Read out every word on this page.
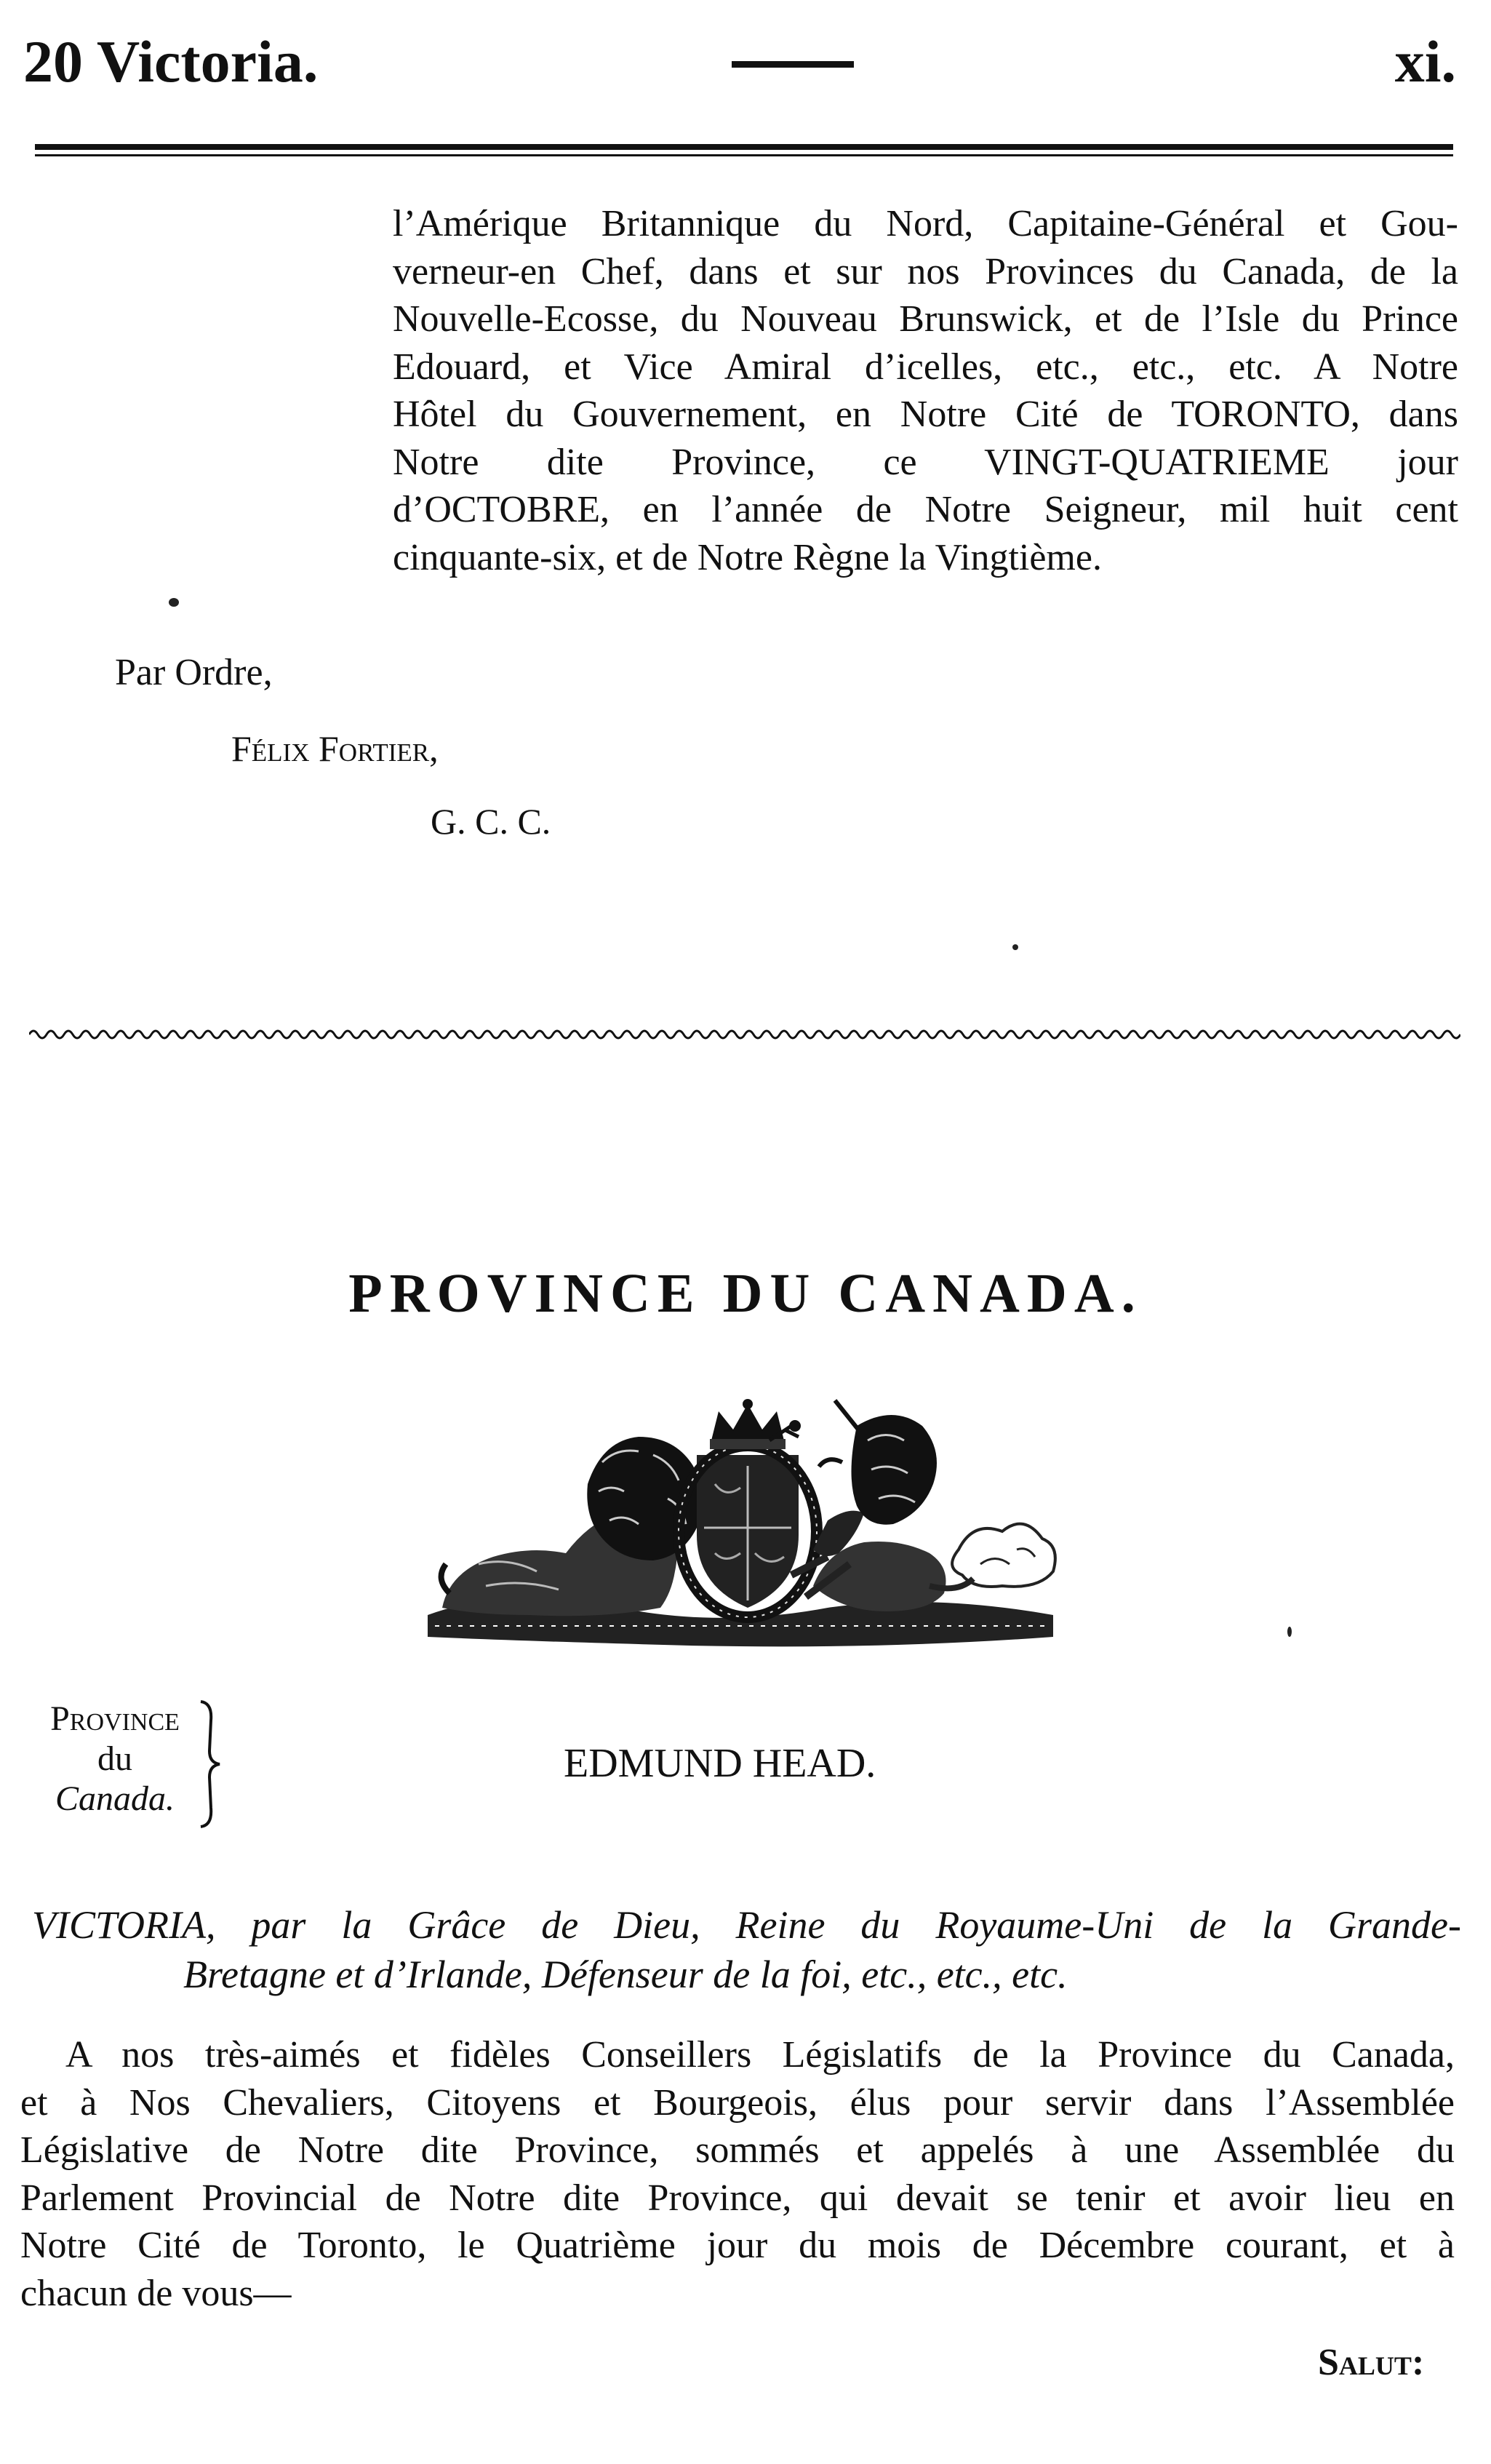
20 Victoria.	xi.
l’Amérique Britannique du Nord, Capitaine-Général et Gou-
verneur-en Chef, dans et sur nos Provinces du Canada, de la
Nouvelle-Ecosse, du Nouveau Brunswick, et de l’Isle du Prince
Edouard, et Vice Amiral d’icelles, etc., etc., etc. A Notre
Hôtel du Gouvernement, en Notre Cité de TORONTO, dans
Notre dite Province, ce VINGT-QUATRIEME jour
d’OCTOBRE, en l’année de Notre Seigneur, mil huit cent
cinquante-six, et de Notre Règne la Vingtième.
Par Ordre,
Félix Fortier,
G. C. C.
PROVINCE DU CANADA.
Province
du
Canada.
EDMUND HEAD.
VICTORIA, par la Grâce de Dieu, Reine du Royaume-Uni de la Grande-
Bretagne et d’Irlande, Défenseur de la foi, etc., etc., etc.
A nos très-aimés et fidèles Conseillers Législatifs de la Province du Canada,
et à Nos Chevaliers, Citoyens et Bourgeois, élus pour servir dans l’Assemblée
Législative de Notre dite Province, sommés et appelés à une Assemblée du
Parlement Provincial de Notre dite Province, qui devait se tenir et avoir lieu en
Notre Cité de Toronto, le Quatrième jour du mois de Décembre courant, et à
chacun de vous—
Salut:
